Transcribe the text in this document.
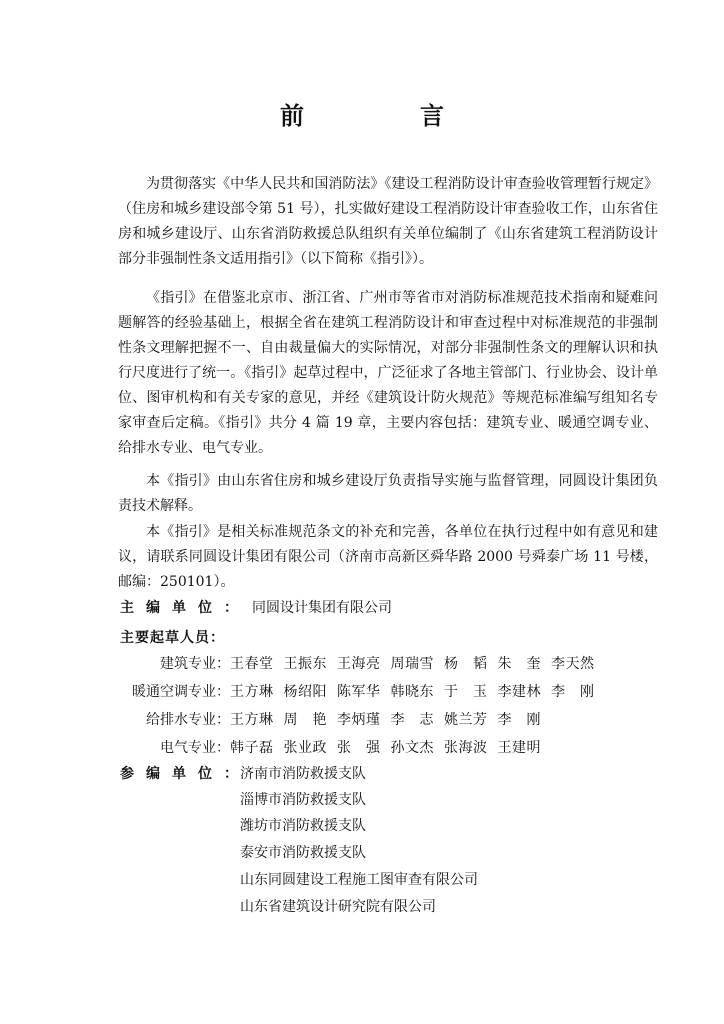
前　言

为贯彻落实《中华人民共和国消防法》《建设工程消防设计审查验收管理暂行规定》（住房和城乡建设部令第 51 号），扎实做好建设工程消防设计审查验收工作，山东省住房和城乡建设厅、山东省消防救援总队组织有关单位编制了《山东省建筑工程消防设计部分非强制性条文适用指引》（以下简称《指引》）。

《指引》在借鉴北京市、浙江省、广州市等省市对消防标准规范技术指南和疑难问题解答的经验基础上，根据全省在建筑工程消防设计和审查过程中对标准规范的非强制性条文理解把握不一、自由裁量偏大的实际情况，对部分非强制性条文的理解认识和执行尺度进行了统一。《指引》起草过程中，广泛征求了各地主管部门、行业协会、设计单位、图审机构和有关专家的意见，并经《建筑设计防火规范》等规范标准编写组知名专家审查后定稿。《指引》共分 4 篇 19 章，主要内容包括：建筑专业、暖通空调专业、给排水专业、电气专业。

本《指引》由山东省住房和城乡建设厅负责指导实施与监督管理，同圆设计集团负责技术解释。

本《指引》是相关标准规范条文的补充和完善，各单位在执行过程中如有意见和建议，请联系同圆设计集团有限公司（济南市高新区舜华路 2000 号舜泰广场 11 号楼，邮编：250101）。

主编单位： 同圆设计集团有限公司
主要起草人员：
建筑专业：王春堂 王振东 王海亮 周瑞雪 杨　韬 朱　奎 李天然
暖通空调专业：王方琳 杨绍阳 陈军华 韩晓东 于　玉 李建林 李　刚
给排水专业：王方琳 周　艳 李炳瑾 李　志 姚兰芳 李　刚
电气专业：韩子磊 张业政 张　强 孙文杰 张海波 王建明
参编单位：
济南市消防救援支队
淄博市消防救援支队
潍坊市消防救援支队
泰安市消防救援支队
山东同圆建设工程施工图审查有限公司
山东省建筑设计研究院有限公司
